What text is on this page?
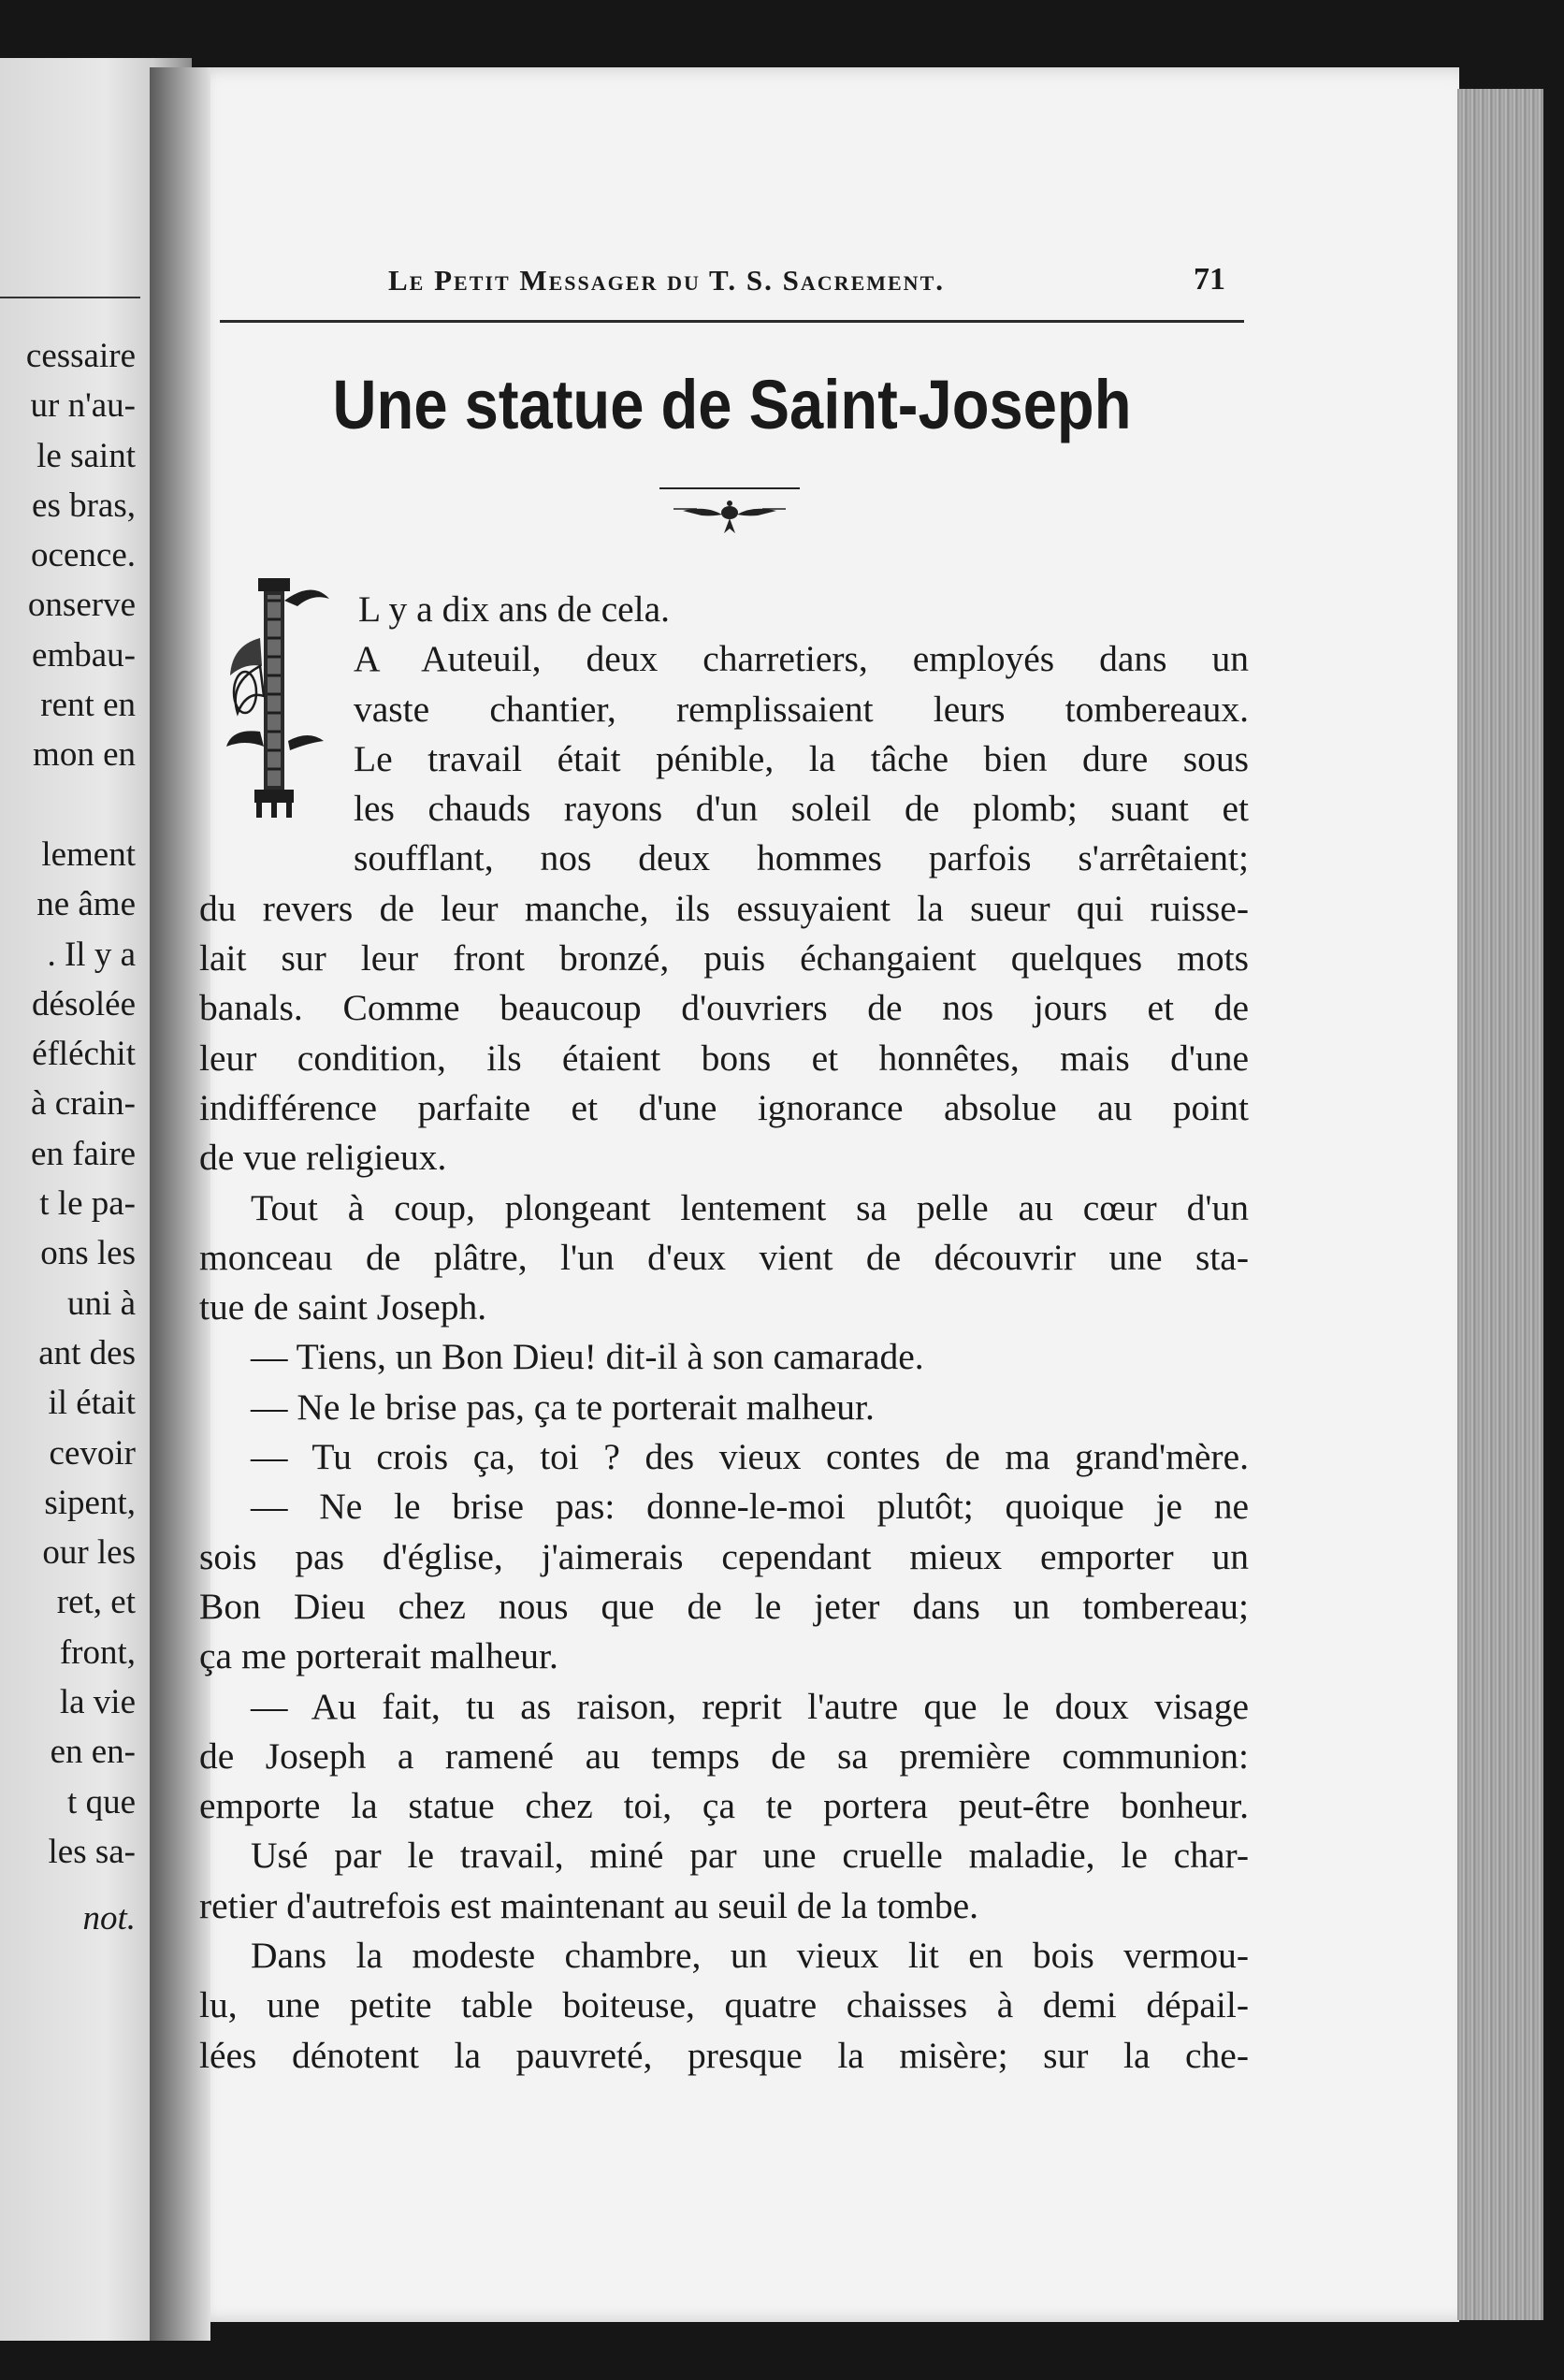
cessaire
ur n'au-
le saint
es bras,
ocence.
onserve
embau-
rent en
mon en
lement
ne âme
. Il y a
désolée
éfléchit
à crain-
en faire
t le pa-
ons les
uni à
ant des
il était
cevoir
sipent,
our les
ret, et
front,
la vie
en en-
t que
les sa-
not.
Le Petit Messager du T. S. Sacrement.	71
Une statue de Saint-Joseph

L y a dix ans de cela.
A Auteuil, deux charretiers, employés dans un
vaste chantier, remplissaient leurs tombereaux.
Le travail était pénible, la tâche bien dure sous
les chauds rayons d'un soleil de plomb; suant et
soufflant, nos deux hommes parfois s'arrêtaient;
du revers de leur manche, ils essuyaient la sueur qui ruisse-
lait sur leur front bronzé, puis échangaient quelques mots
banals. Comme beaucoup d'ouvriers de nos jours et de
leur condition, ils étaient bons et honnêtes, mais d'une
indifférence parfaite et d'une ignorance absolue au point
de vue religieux.

Tout à coup, plongeant lentement sa pelle au cœur d'un
monceau de plâtre, l'un d'eux vient de découvrir une sta-
tue de saint Joseph.

— Tiens, un Bon Dieu! dit-il à son camarade.

— Ne le brise pas, ça te porterait malheur.

— Tu crois ça, toi ? des vieux contes de ma grand'mère.

— Ne le brise pas: donne-le-moi plutôt; quoique je ne
sois pas d'église, j'aimerais cependant mieux emporter un
Bon Dieu chez nous que de le jeter dans un tombereau;
ça me porterait malheur.

— Au fait, tu as raison, reprit l'autre que le doux visage
de Joseph a ramené au temps de sa première communion:
emporte la statue chez toi, ça te portera peut-être bonheur.

Usé par le travail, miné par une cruelle maladie, le char-
retier d'autrefois est maintenant au seuil de la tombe.

Dans la modeste chambre, un vieux lit en bois vermou-
lu, une petite table boiteuse, quatre chaisses à demi dépail-
lées dénotent la pauvreté, presque la misère; sur la che-
